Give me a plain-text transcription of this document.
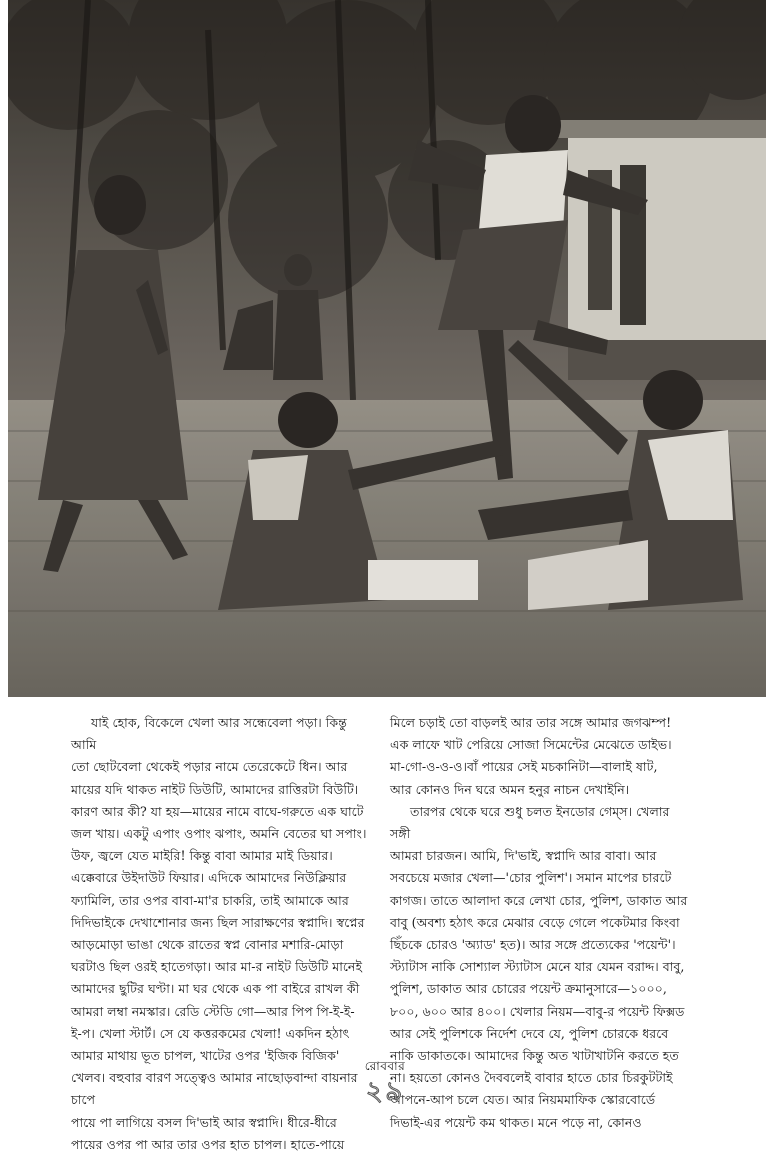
যাই হোক, বিকেলে খেলা আর সন্ধেবেলা পড়া। কিন্তু আমি
তো ছোটবেলা থেকেই পড়ার নামে তেরেকেটে ধিন। আর
মায়ের যদি থাকত নাইট ডিউটি, আমাদের রাত্তিরটা বিউটি।
কারণ আর কী? যা হয়—মায়ের নামে বাঘে-গরুতে এক ঘাটে
জল খায়। একটু এপাং ওপাং ঝপাং, অমনি বেতের ঘা সপাং।
উফ, জ্বলে যেত মাইরি! কিন্তু বাবা আমার মাই ডিয়ার।
এক্কেবারে উইদাউট ফিয়ার। এদিকে আমাদের নিউক্লিয়ার
ফ্যামিলি, তার ওপর বাবা-মা'র চাকরি, তাই আমাকে আর
দিদিভাইকে দেখাশোনার জন্য ছিল সারাক্ষণের স্বপ্নাদি। স্বপ্নের
আড়মোড়া ভাঙা থেকে রাতের স্বপ্ন বোনার মশারি-মোড়া
ঘরটাও ছিল ওরই হাতেগড়া। আর মা-র নাইট ডিউটি মানেই
আমাদের ছুটির ঘণ্টা। মা ঘর থেকে এক পা বাইরে রাখল কী
আমরা লম্বা নমস্কার। রেডি স্টেডি গো—আর পিপ পি-ই-ই-
ই-প। খেলা স্টার্ট। সে যে কত্তরকমের খেলা! একদিন হঠাৎ
আমার মাথায় ভূত চাপল, খাটের ওপর 'ইজিক বিজিক'
খেলব। বহুবার বারণ সত্ত্বেও আমার নাছোড়বান্দা বায়নার চাপে
পায়ে পা লাগিয়ে বসল দি'ভাই আর স্বপ্নাদি। ধীরে-ধীরে
পায়ের ওপর পা আর তার ওপর হাত চাপল। হাতে-পায়ে

মিলে চড়াই তো বাড়লই আর তার সঙ্গে আমার জগঝম্প!
এক লাফে খাট পেরিয়ে সোজা সিমেন্টের মেঝেতে ডাইভ।
মা-গো-ও-ও-ও।বাঁ পায়ের সেই মচকানিটা—বালাই ষাট,
আর কোনও দিন ঘরে অমন হনুর নাচন দেখাইনি।

তারপর থেকে ঘরে শুধু চলত ইনডোর গেম্‌স। খেলার সঙ্গী
আমরা চারজন। আমি, দি'ভাই, স্বপ্নাদি আর বাবা। আর
সবচেয়ে মজার খেলা—'চোর পুলিশ'। সমান মাপের চারটে
কাগজ। তাতে আলাদা করে লেখা চোর, পুলিশ, ডাকাত আর
বাবু (অবশ্য হঠাৎ করে মেঝার বেড়ে গেলে পকেটমার কিংবা
ছিঁচকে চোরও 'অ্যাড' হত)। আর সঙ্গে প্রত্যেকের 'পয়েন্ট'।
স্ট্যাটাস নাকি সোশ্যাল স্ট্যাটাস মেনে যার যেমন বরাদ্দ। বাবু,
পুলিশ, ডাকাত আর চোরের পয়েন্ট ক্রমানুসারে—১০০০,
৮০০, ৬০০ আর ৪০০। খেলার নিয়ম—বাবু-র পয়েন্ট ফিক্সড
আর সেই পুলিশকে নির্দেশ দেবে যে, পুলিশ চোরকে ধরবে
নাকি ডাকাতকে। আমাদের কিন্তু অত খাটাখাটনি করতে হত
না। হয়তো কোনও দৈববলেই বাবার হাতে চোর চিরকুটটাই
আপনে-আপ চলে যেত। আর নিয়মমাফিক স্কোরবোর্ডে
দিভাই-এর পয়েন্ট কম থাকত। মনে পড়ে না, কোনও

রোববার
২৯
